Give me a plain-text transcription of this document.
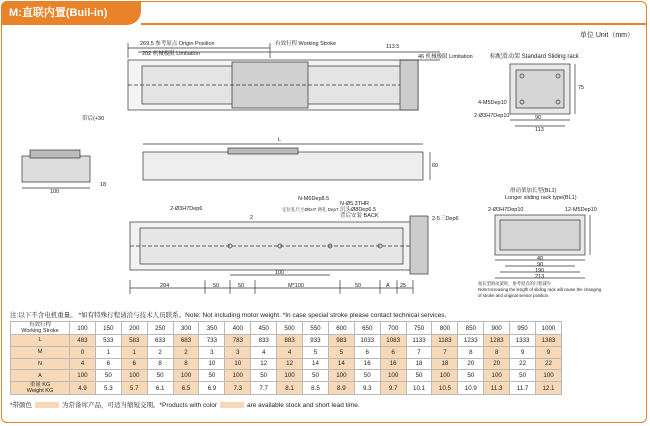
M:直联内置(Buil-in)
单位 Unit（mm）
269.5 参考原点 Origin Position
202 机械极限 Limitation
有效行程 Working Stroke	113.5
46 机械极限 Limitation
带后(+30
标配滑动架 Standard Sliding rack
4-M5Dep10
2-Ø3H7Dep10	90
113
75
L
60
100
18
2-Ø3H7Dep6
N-M6Dep8.5
N-Ø5.3THR
沉头Ø8Dep6.5
背后安装 BACK
定位孔尺寸Ø5H7 两孔 Dep7
2	2-5三Dep6
204	50	50	M*100	50	A 25
100
滑动架加长型(BL1)
Longer sliding rack type(BL1)
2-Ø3H7Dep10	12-M5Dep10
40
90
190
213
加长型滑动架时，参考原点的行程减少
Note:Increasing the length of sliding rack will cause the changing
of stroke and original sensor position.
注:以下不含电机重量。 *如有特殊行程请洽与技术人员联系。Note: Not including motor weight. *In case special stroke please contact technical services.
有效行程
Working Stroke	100	150	200	250	300	350	400	450	500	550	600	650	700	750	800	850	900	950	1000
L	483	533	583	633	683	733	783	833	883	933	983	1033	1083	1133	1183	1233	1283	1333	1383
M	0	1	1	2	2	3	3	4	4	5	5	6	6	7	7	8	8	9	9
N	4	6	6	8	8	10	10	12	12	14	14	16	16	18	18	20	20	22	22
A	100	50	100	50	100	50	100	50	100	50	100	50	100	50	100	50	100	50	100
重量 KG
Weight KG	4.9	5.3	5.7	6.1	6.5	6.9	7.3	7.7	8.1	8.5	8.9	9.3	9.7	10.1	10.5	10.9	11.3	11.7	12.1
*带颜色	为常备库产品，可适当缩短交期。*Products with color	are available stock and short lead time.
